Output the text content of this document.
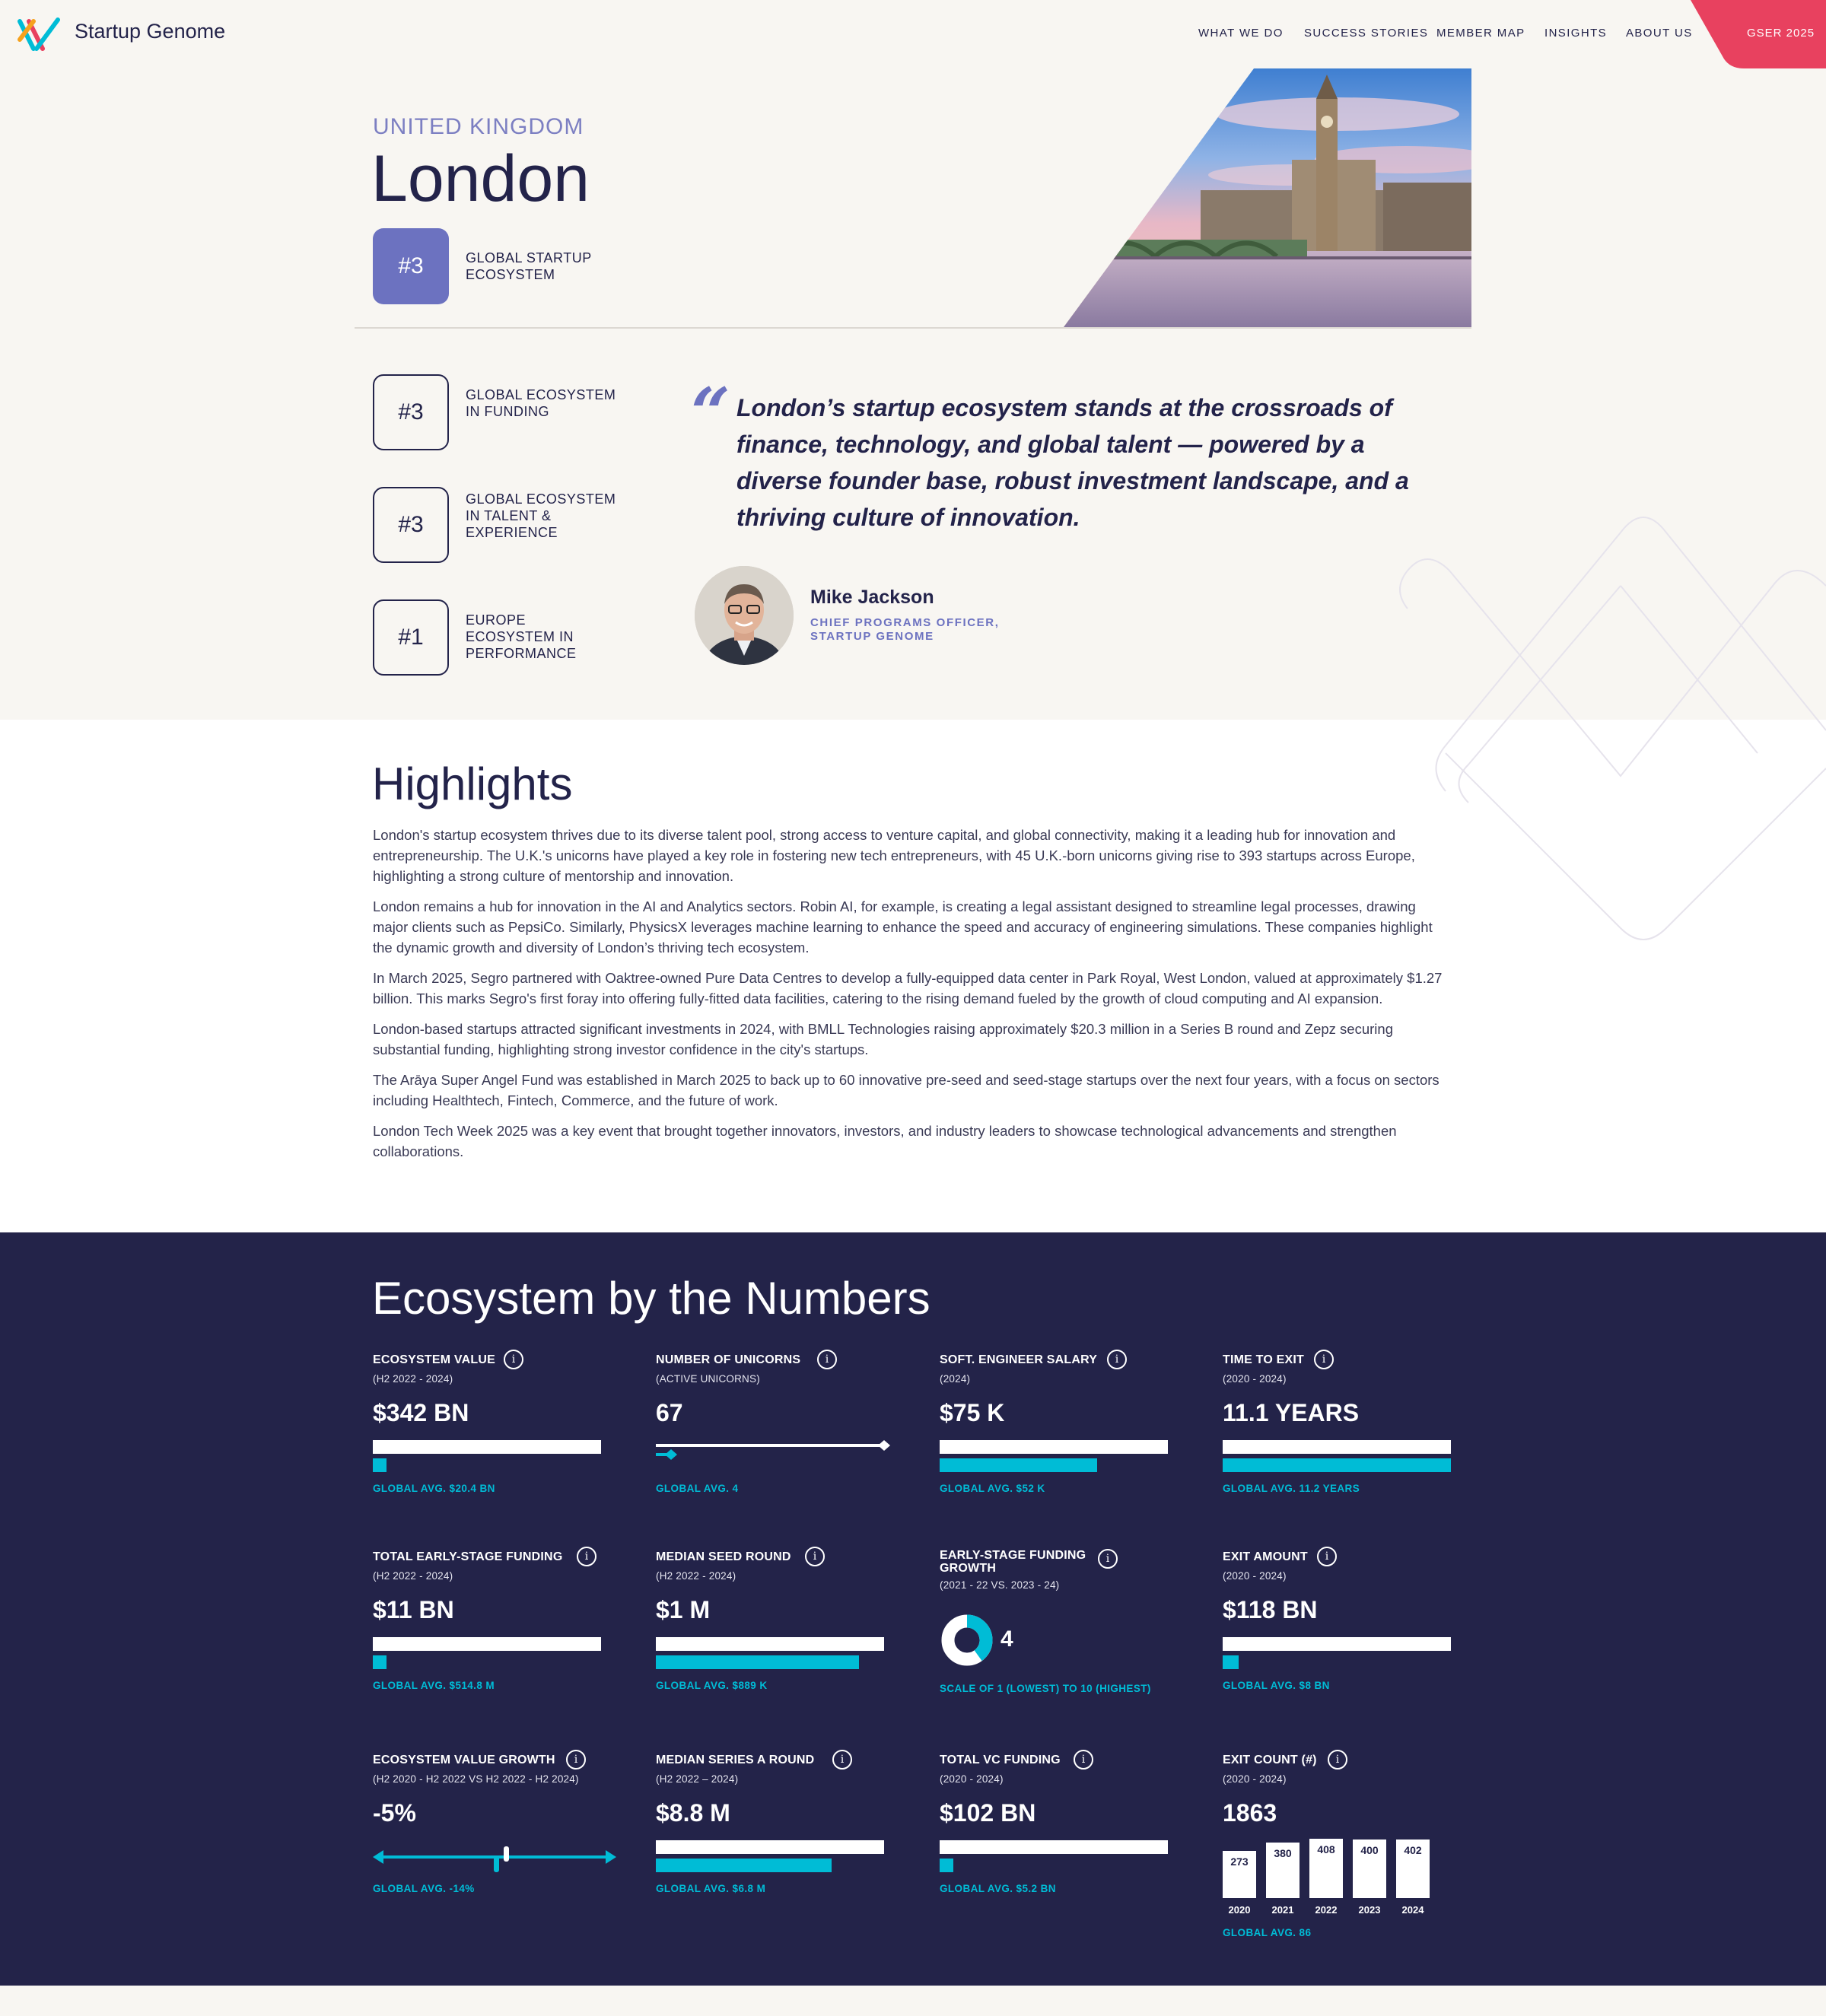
Startup Genome	WHAT WE DO SUCCESS STORIES MEMBER MAP INSIGHTS ABOUT US	GSER 2025
UNITED KINGDOM
London
#3	GLOBAL STARTUP ECOSYSTEM
#3
GLOBAL ECOSYSTEM IN FUNDING
#3
GLOBAL ECOSYSTEM IN TALENT & EXPERIENCE
#1
EUROPE ECOSYSTEM IN PERFORMANCE
“ London’s startup ecosystem stands at the crossroads of finance, technology, and global talent — powered by a diverse founder base, robust investment landscape, and a thriving culture of innovation.
Mike Jackson
CHIEF PROGRAMS OFFICER, STARTUP GENOME
Highlights

London's startup ecosystem thrives due to its diverse talent pool, strong access to venture capital, and global connectivity, making it a leading hub for innovation and entrepreneurship. The U.K.'s unicorns have played a key role in fostering new tech entrepreneurs, with 45 U.K.-born unicorns giving rise to 393 startups across Europe, highlighting a strong culture of mentorship and innovation.

London remains a hub for innovation in the AI and Analytics sectors. Robin AI, for example, is creating a legal assistant designed to streamline legal processes, drawing major clients such as PepsiCo. Similarly, PhysicsX leverages machine learning to enhance the speed and accuracy of engineering simulations. These companies highlight the dynamic growth and diversity of London’s thriving tech ecosystem.

In March 2025, Segro partnered with Oaktree-owned Pure Data Centres to develop a fully-equipped data center in Park Royal, West London, valued at approximately $1.27 billion. This marks Segro's first foray into offering fully-fitted data facilities, catering to the rising demand fueled by the growth of cloud computing and AI expansion.

London-based startups attracted significant investments in 2024, with BMLL Technologies raising approximately $20.3 million in a Series B round and Zepz securing substantial funding, highlighting strong investor confidence in the city's startups.

The Arāya Super Angel Fund was established in March 2025 to back up to 60 innovative pre-seed and seed-stage startups over the next four years, with a focus on sectors including Healthtech, Fintech, Commerce, and the future of work.

London Tech Week 2025 was a key event that brought together innovators, investors, and industry leaders to showcase technological advancements and strengthen collaborations.

Ecosystem by the Numbers
ECOSYSTEM VALUE	i
(H2 2022 - 2024)
$342 BN
GLOBAL AVG. $20.4 BN
NUMBER OF UNICORNS	i
(ACTIVE UNICORNS)
67
GLOBAL AVG. 4
SOFT. ENGINEER SALARY	i
(2024)
$75 K
GLOBAL AVG. $52 K
TIME TO EXIT	i
(2020 - 2024)
11.1 YEARS
GLOBAL AVG. 11.2 YEARS
TOTAL EARLY-STAGE FUNDING	i
(H2 2022 - 2024)
$11 BN
GLOBAL AVG. $514.8 M
MEDIAN SEED ROUND	i
(H2 2022 - 2024)
$1 M
GLOBAL AVG. $889 K
EARLY-STAGE FUNDING
GROWTH
i
(2021 - 22 VS. 2023 - 24)
4
SCALE OF 1 (LOWEST) TO 10 (HIGHEST)
EXIT AMOUNT	i
(2020 - 2024)
$118 BN
GLOBAL AVG. $8 BN
ECOSYSTEM VALUE GROWTH	i
(H2 2020 - H2 2022 VS H2 2022 - H2 2024)
-5%
GLOBAL AVG. -14%
MEDIAN SERIES A ROUND	i
(H2 2022 – 2024)
$8.8 M
GLOBAL AVG. $6.8 M
TOTAL VC FUNDING	i
(2020 - 2024)
$102 BN
GLOBAL AVG. $5.2 BN
EXIT COUNT (#)	i
(2020 - 2024)
1863
273
380	408	400	402
2020	2021	2022	2023	2024
GLOBAL AVG. 86
